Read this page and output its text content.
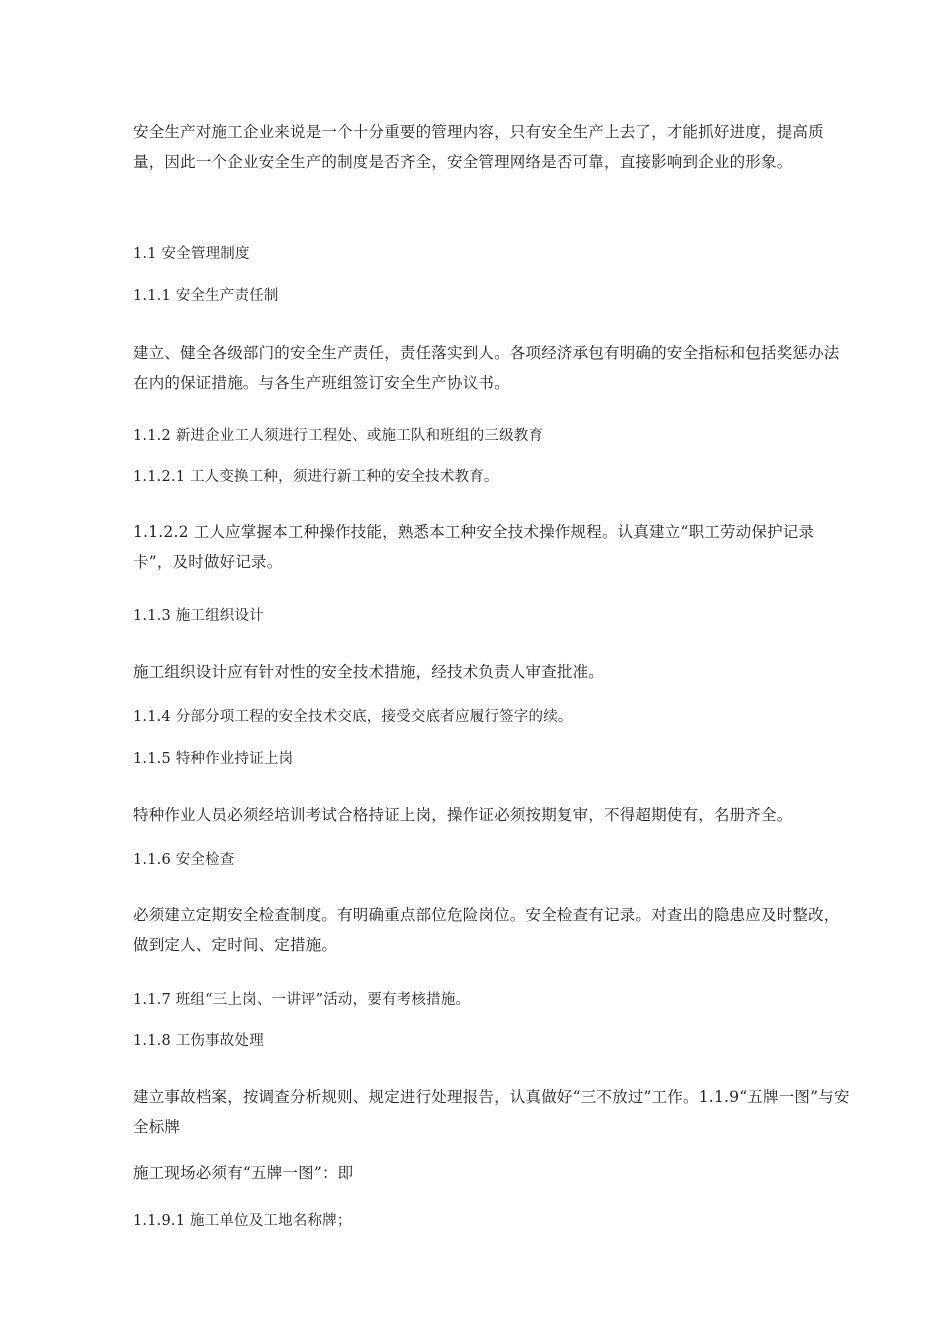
安全生产对施工企业来说是一个十分重要的管理内容，只有安全生产上去了，才能抓好进度，提高质量，因此一个企业安全生产的制度是否齐全，安全管理网络是否可靠，直接影响到企业的形象。

1.1 安全管理制度

1.1.1 安全生产责任制

建立、健全各级部门的安全生产责任，责任落实到人。各项经济承包有明确的安全指标和包括奖惩办法在内的保证措施。与各生产班组签订安全生产协议书。

1.1.2 新进企业工人须进行工程处、或施工队和班组的三级教育

1.1.2.1 工人变换工种，须进行新工种的安全技术教育。

1.1.2.2 工人应掌握本工种操作技能，熟悉本工种安全技术操作规程。认真建立“职工劳动保护记录卡”，及时做好记录。

1.1.3 施工组织设计

施工组织设计应有针对性的安全技术措施，经技术负责人审查批准。

1.1.4 分部分项工程的安全技术交底，接受交底者应履行签字的续。

1.1.5 特种作业持证上岗

特种作业人员必须经培训考试合格持证上岗，操作证必须按期复审，不得超期使有，名册齐全。

1.1.6 安全检查

必须建立定期安全检查制度。有明确重点部位危险岗位。安全检查有记录。对查出的隐患应及时整改，做到定人、定时间、定措施。

1.1.7 班组“三上岗、一讲评”活动，要有考核措施。

1.1.8 工伤事故处理

建立事故档案，按调查分析规则、规定进行处理报告，认真做好“三不放过”工作。1.1.9“五牌一图”与安全标牌

施工现场必须有“五牌一图”：即

1.1.9.1 施工单位及工地名称牌；
